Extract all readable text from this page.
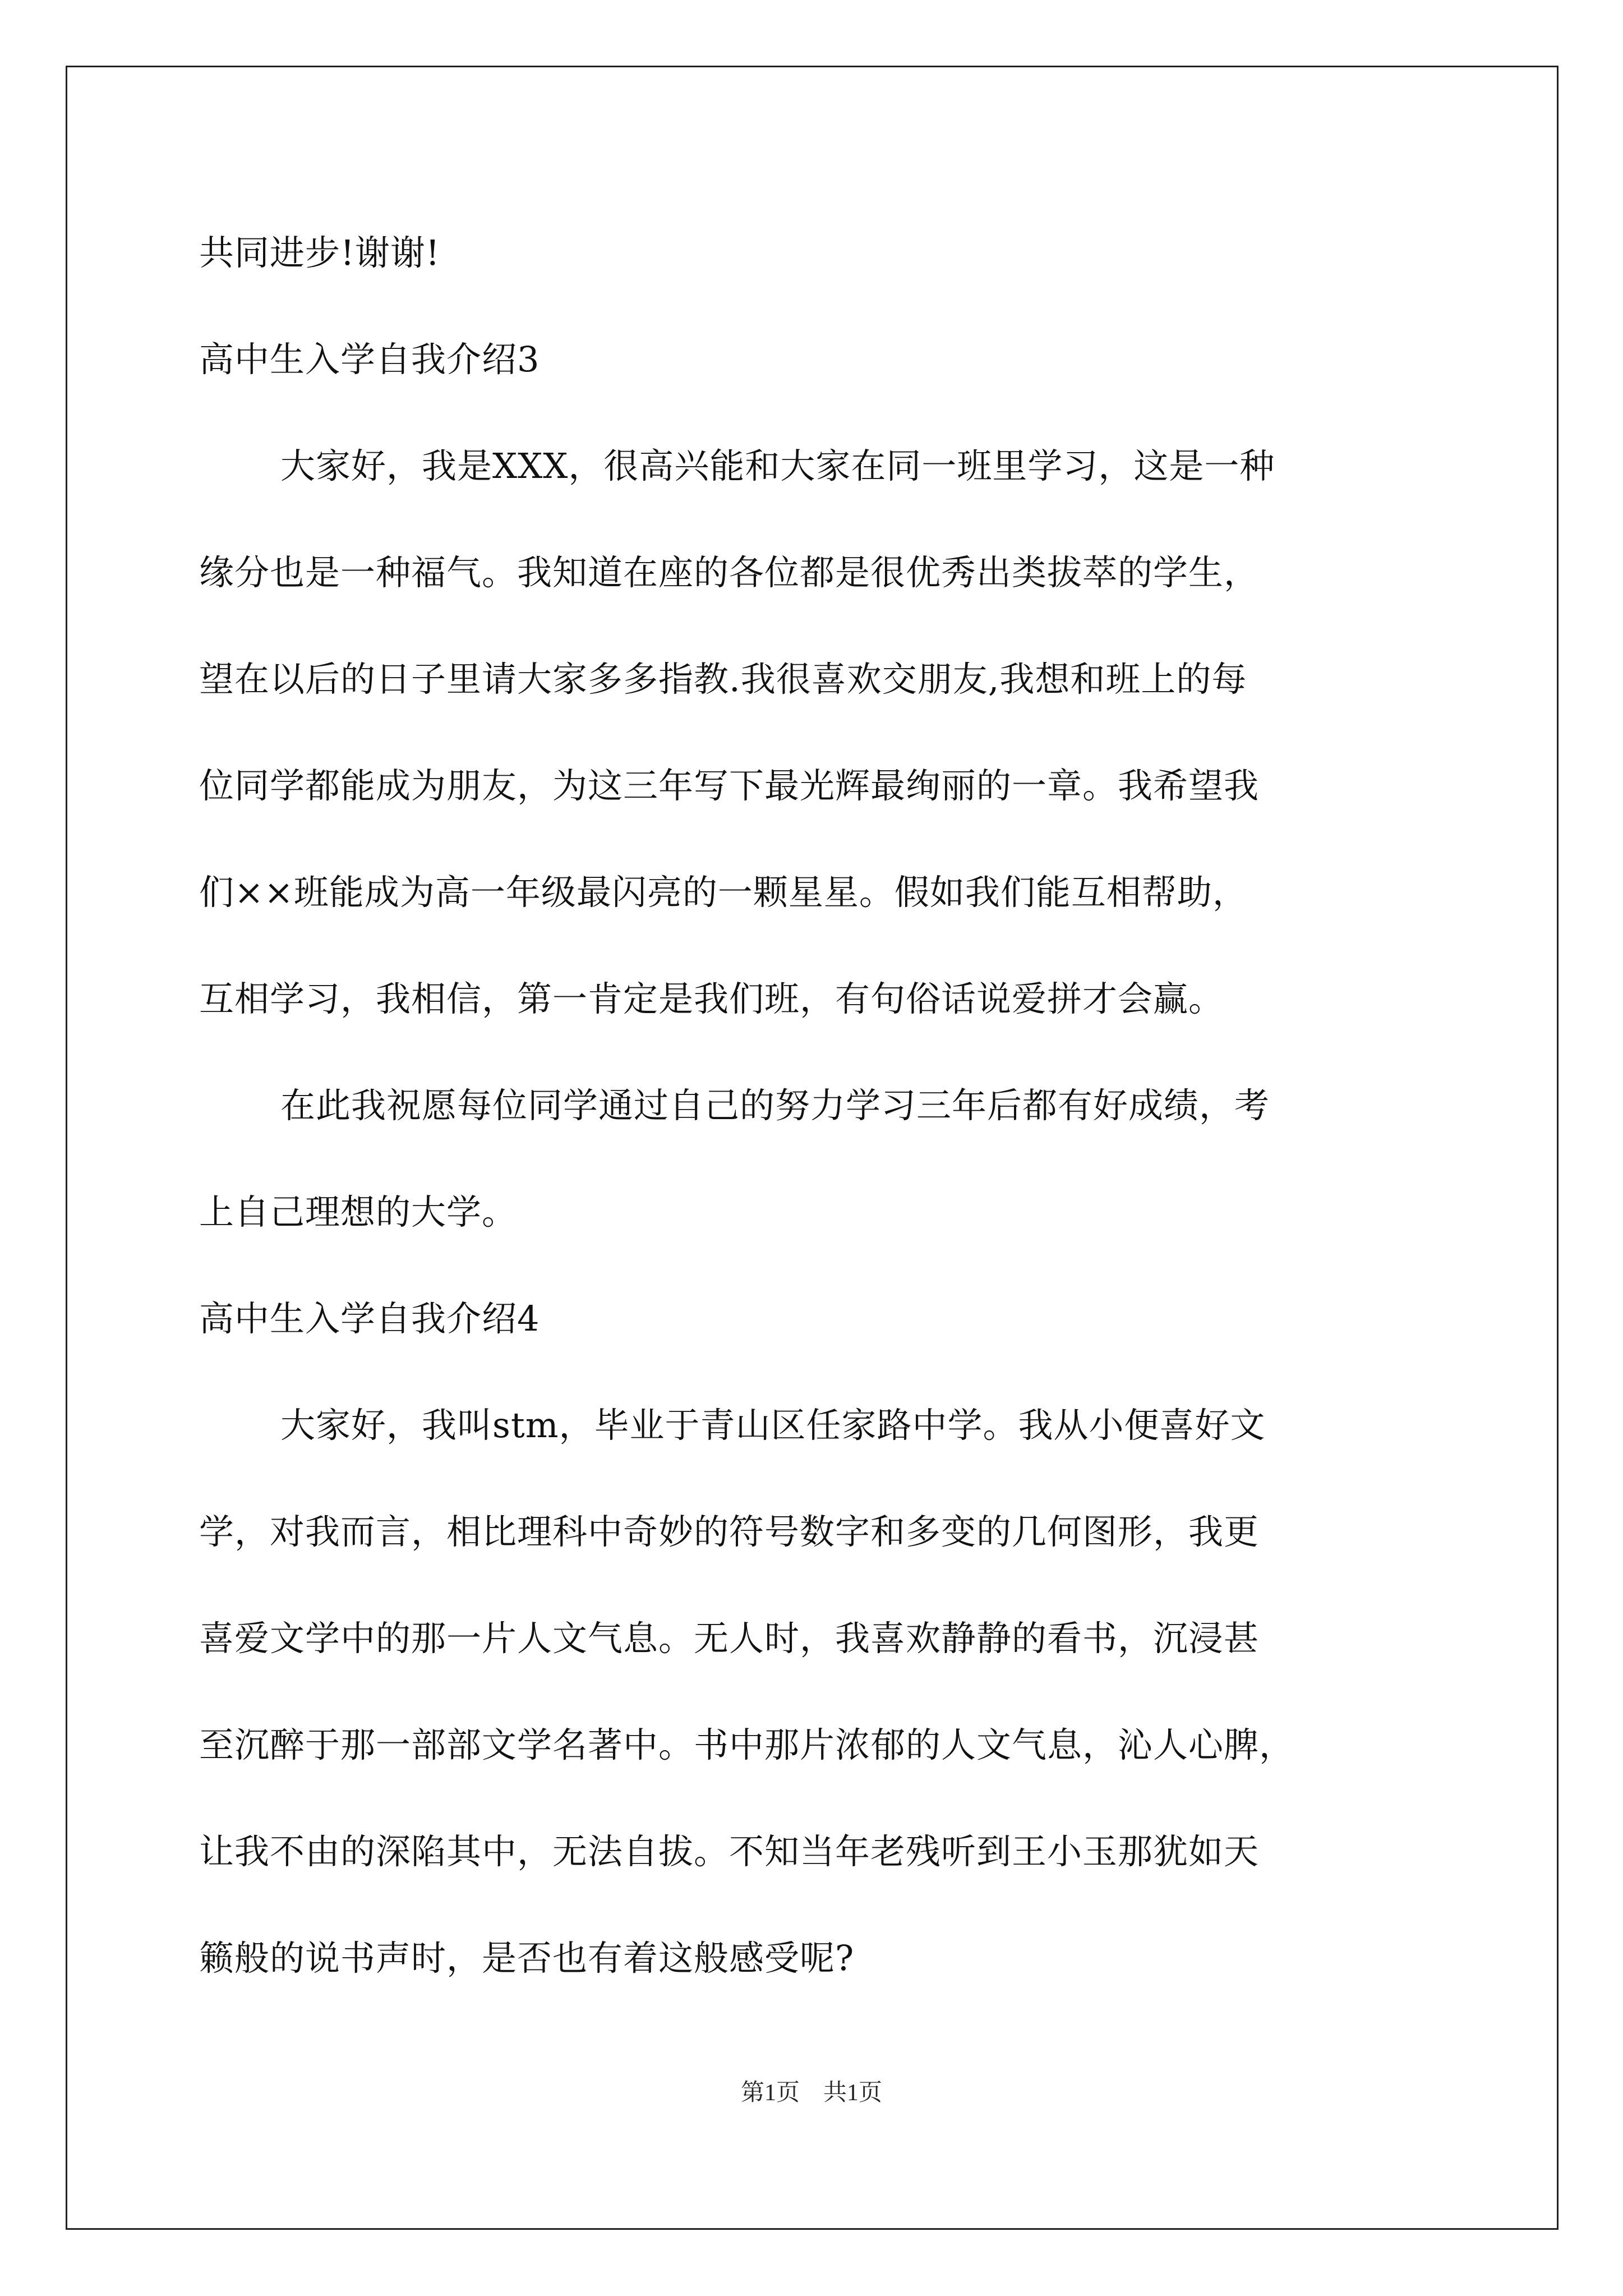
共同进步!谢谢!

高中生入学自我介绍3

大家好，我是XXX，很高兴能和大家在同一班里学习，这是一种

缘分也是一种福气。我知道在座的各位都是很优秀出类拔萃的学生，

望在以后的日子里请大家多多指教.我很喜欢交朋友,我想和班上的每

位同学都能成为朋友，为这三年写下最光辉最绚丽的一章。我希望我

们××班能成为高一年级最闪亮的一颗星星。假如我们能互相帮助，

互相学习，我相信，第一肯定是我们班，有句俗话说爱拼才会赢。

在此我祝愿每位同学通过自己的努力学习三年后都有好成绩，考

上自己理想的大学。

高中生入学自我介绍4

大家好，我叫stm，毕业于青山区任家路中学。我从小便喜好文

学，对我而言，相比理科中奇妙的符号数字和多变的几何图形，我更

喜爱文学中的那一片人文气息。无人时，我喜欢静静的看书，沉浸甚

至沉醉于那一部部文学名著中。书中那片浓郁的人文气息，沁人心脾，

让我不由的深陷其中，无法自拔。不知当年老残听到王小玉那犹如天

籁般的说书声时，是否也有着这般感受呢?

第1页　共1页
